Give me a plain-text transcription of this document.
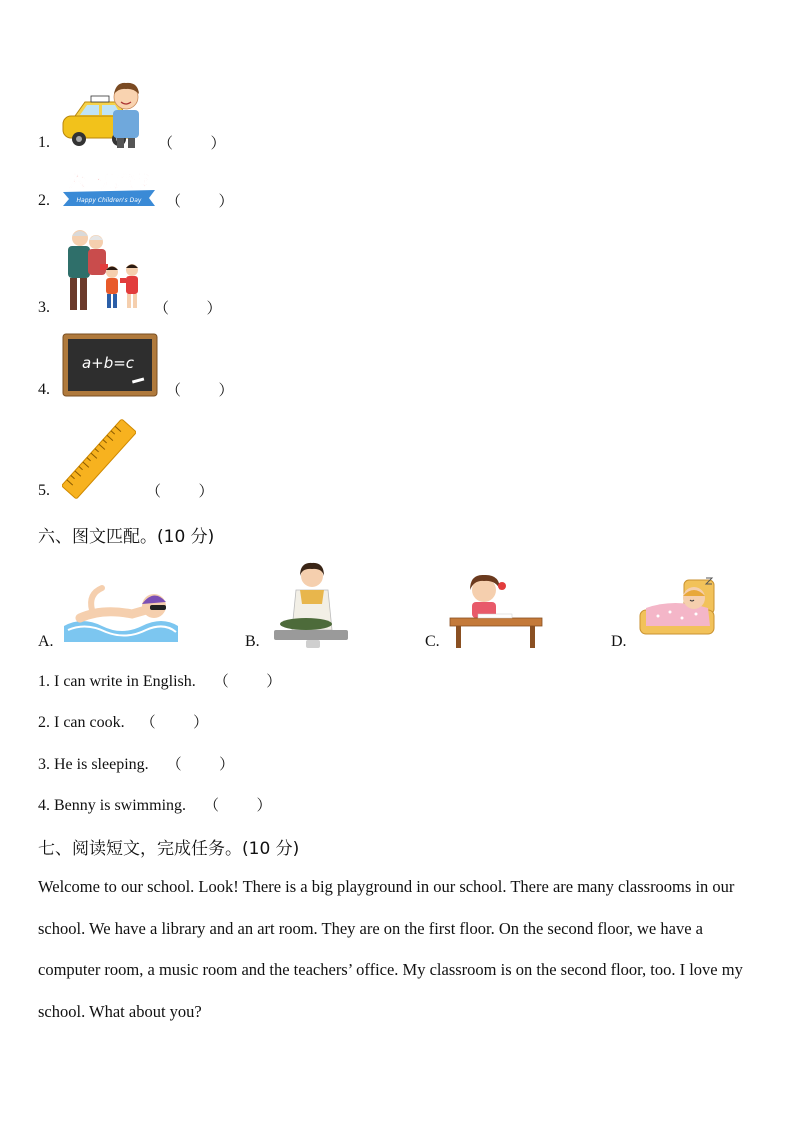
1.	（          ）
Happy Children's Day
六一儿童节
2.	（          ）
3.	（          ）
a+b=c
4.	（          ）
5.	（          ）
六、图文匹配。(10 分)
A.	B.	C.	D.
1. I can write in English. （          ）
2. I can cook. （          ）
3. He is sleeping. （          ）
4. Benny is swimming. （          ）
七、阅读短文，完成任务。(10 分)

Welcome to our school. Look! There is a big playground in our school. There are many classrooms in our school. We have a library and an art room. They are on the first floor. On the second floor, we have a computer room, a music room and the teachers’ office. My classroom is on the second floor, too. I love my school. What about you?
